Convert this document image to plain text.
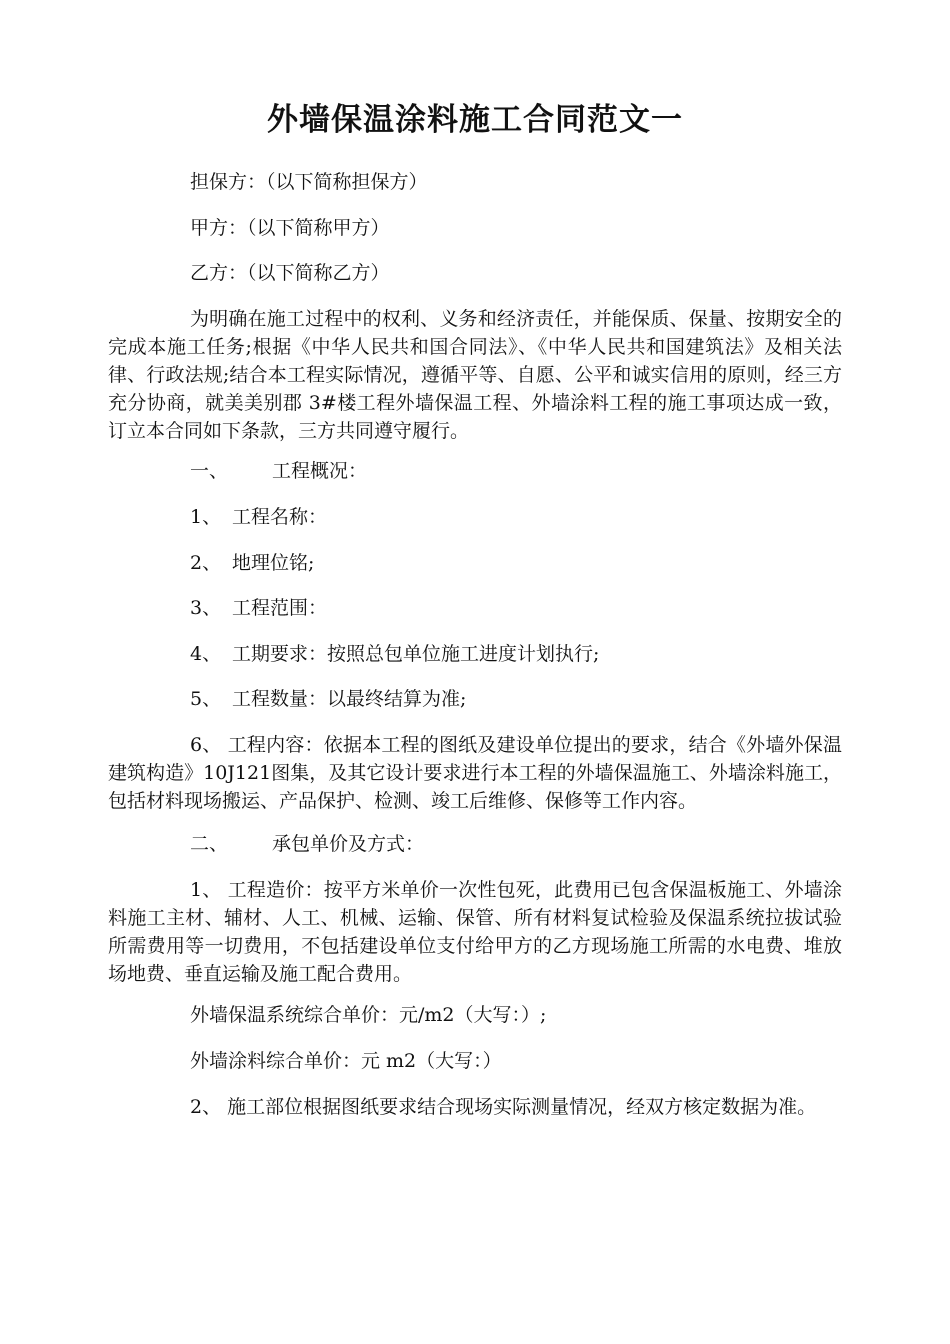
外墙保温涂料施工合同范文一
担保方：（以下简称担保方）
甲方：（以下简称甲方）
乙方：（以下简称乙方）
为明确在施工过程中的权利、义务和经济责任，并能保质、保量、按期安全的完成本施工任务;根据《中华人民共和国合同法》、《中华人民共和国建筑法》及相关法律、行政法规;结合本工程实际情况，遵循平等、自愿、公平和诚实信用的原则，经三方充分协商，就美美别郡 3#楼工程外墙保温工程、外墙涂料工程的施工事项达成一致，订立本合同如下条款，三方共同遵守履行。
一、 工程概况：
1、 工程名称：
2、 地理位铭;
3、 工程范围：
4、 工期要求：按照总包单位施工进度计划执行;
5、 工程数量：以最终结算为准;
6、 工程内容：依据本工程的图纸及建设单位提出的要求，结合《外墙外保温建筑构造》10J121图集，及其它设计要求进行本工程的外墙保温施工、外墙涂料施工，包括材料现场搬运、产品保护、检测、竣工后维修、保修等工作内容。
二、 承包单价及方式：
1、 工程造价：按平方米单价一次性包死，此费用已包含保温板施工、外墙涂料施工主材、辅材、人工、机械、运输、保管、所有材料复试检验及保温系统拉拔试验所需费用等一切费用，不包括建设单位支付给甲方的乙方现场施工所需的水电费、堆放场地费、垂直运输及施工配合费用。
外墙保温系统综合单价：元/m2（大写：）;
外墙涂料综合单价：元 m2（大写：）
2、 施工部位根据图纸要求结合现场实际测量情况，经双方核定数据为准。
